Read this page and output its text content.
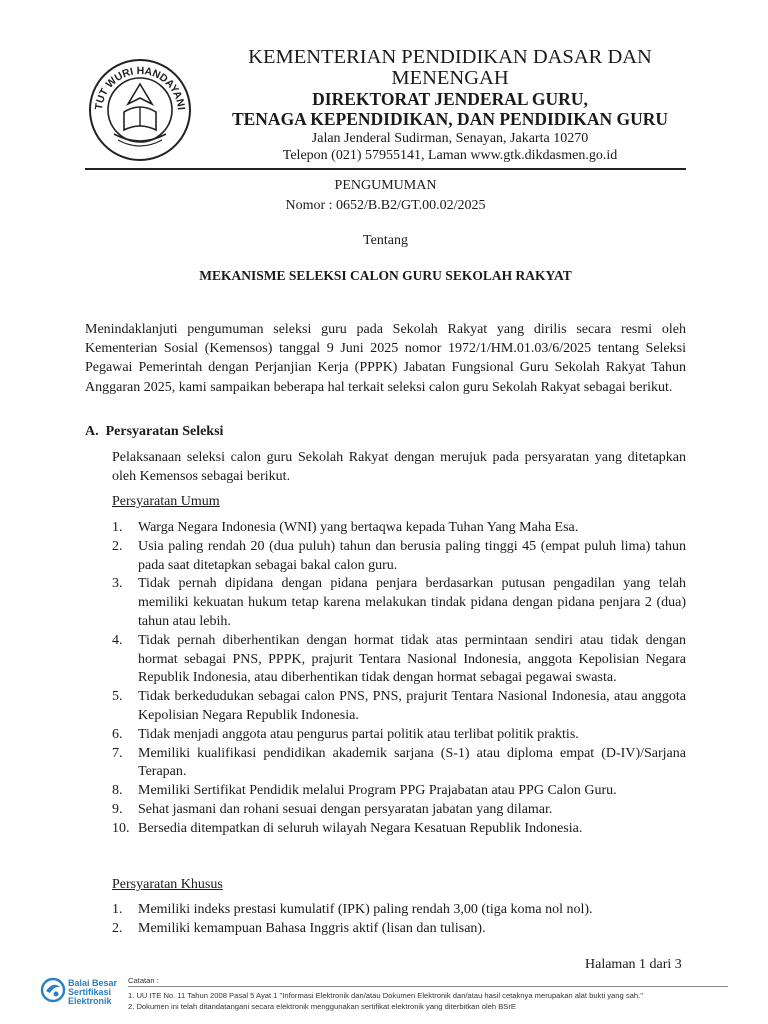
TUT WURI HANDAYANI
KEMENTERIAN PENDIDIKAN DASAR DAN
MENENGAH
DIREKTORAT JENDERAL GURU,
TENAGA KEPENDIDIKAN, DAN PENDIDIKAN GURU
Jalan Jenderal Sudirman, Senayan, Jakarta 10270
Telepon (021) 57955141, Laman www.gtk.dikdasmen.go.id
PENGUMUMAN
Nomor : 0652/B.B2/GT.00.02/2025
Tentang
MEKANISME SELEKSI CALON GURU SEKOLAH RAKYAT
Menindaklanjuti pengumuman seleksi guru pada Sekolah Rakyat yang dirilis secara resmi oleh Kementerian Sosial (Kemensos) tanggal 9 Juni 2025 nomor 1972/1/HM.01.03/6/2025 tentang Seleksi Pegawai Pemerintah dengan Perjanjian Kerja (PPPK) Jabatan Fungsional Guru Sekolah Rakyat Tahun Anggaran 2025, kami sampaikan beberapa hal terkait seleksi calon guru Sekolah Rakyat sebagai berikut.
A.  Persyaratan Seleksi
Pelaksanaan seleksi calon guru Sekolah Rakyat dengan merujuk pada persyaratan yang ditetapkan oleh Kemensos sebagai berikut.
Persyaratan Umum
1. Warga Negara Indonesia (WNI) yang bertaqwa kepada Tuhan Yang Maha Esa.
2. Usia paling rendah 20 (dua puluh) tahun dan berusia paling tinggi 45 (empat puluh lima) tahun pada saat ditetapkan sebagai bakal calon guru.
3. Tidak pernah dipidana dengan pidana penjara berdasarkan putusan pengadilan yang telah memiliki kekuatan hukum tetap karena melakukan tindak pidana dengan pidana penjara 2 (dua) tahun atau lebih.
4. Tidak pernah diberhentikan dengan hormat tidak atas permintaan sendiri atau tidak dengan hormat sebagai PNS, PPPK, prajurit Tentara Nasional Indonesia, anggota Kepolisian Negara Republik Indonesia, atau diberhentikan tidak dengan hormat sebagai pegawai swasta.
5. Tidak berkedudukan sebagai calon PNS, PNS, prajurit Tentara Nasional Indonesia, atau anggota Kepolisian Negara Republik Indonesia.
6. Tidak menjadi anggota atau pengurus partai politik atau terlibat politik praktis.
7. Memiliki kualifikasi pendidikan akademik sarjana (S-1) atau diploma empat (D-IV)/Sarjana Terapan.
8. Memiliki Sertifikat Pendidik melalui Program PPG Prajabatan atau PPG Calon Guru.
9. Sehat jasmani dan rohani sesuai dengan persyaratan jabatan yang dilamar.
10. Bersedia ditempatkan di seluruh wilayah Negara Kesatuan Republik Indonesia.
Persyaratan Khusus
1. Memiliki indeks prestasi kumulatif (IPK) paling rendah 3,00 (tiga koma nol nol).
2. Memiliki kemampuan Bahasa Inggris aktif (lisan dan tulisan).
Halaman 1 dari 3
Balai Besar
Sertifikasi
Elektronik
Catatan :
1. UU ITE No. 11 Tahun 2008 Pasal 5 Ayat 1 "Informasi Elektronik dan/atau Dokumen Elektronik dan/atau hasil cetaknya merupakan alat bukti yang sah."
2. Dokumen ini telah ditandatangani secara elektronik menggunakan sertifikat elektronik yang diterbitkan oleh BSrE
